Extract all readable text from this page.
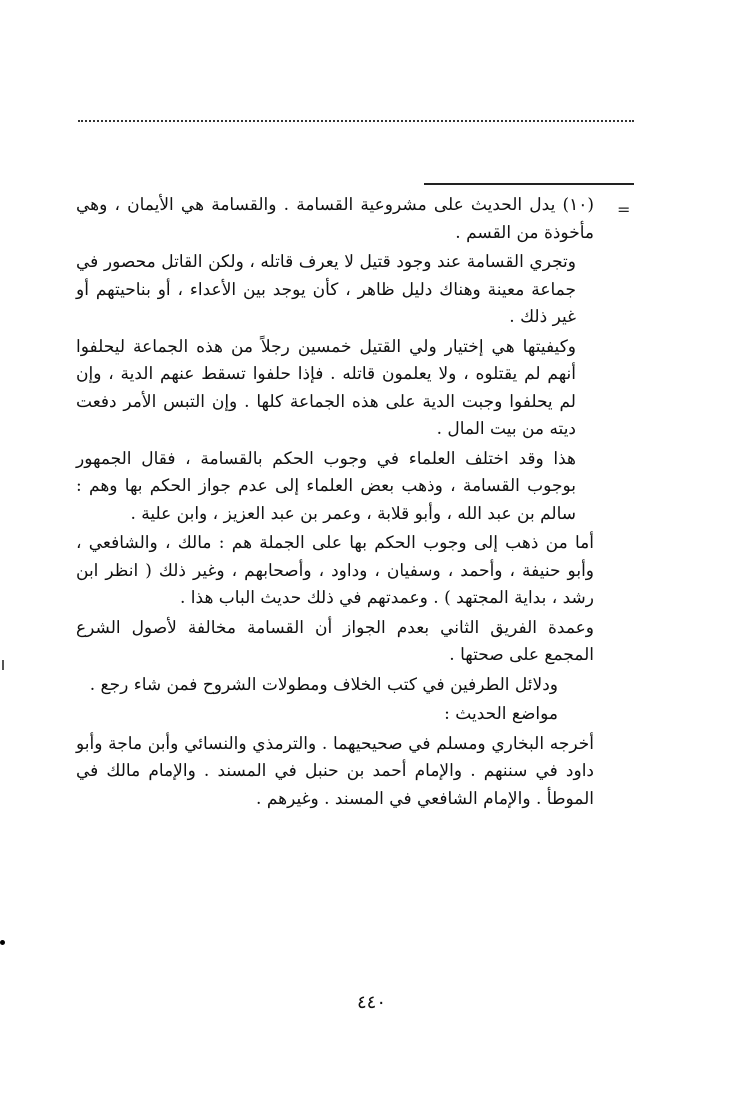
=

(١٠) يدل الحديث على مشروعية القسامة . والقسامة هي الأيمان ، وهي مأخوذة من القسم .

وتجري القسامة عند وجود قتيل لا يعرف قاتله ، ولكن القاتل محصور في جماعة معينة وهناك دليل ظاهر ، كأن يوجد بين الأعداء ، أو بناحيتهم أو غير ذلك .

وكيفيتها هي إختيار ولي القتيل خمسين رجلاً من هذه الجماعة ليحلفوا أنهم لم يقتلوه ، ولا يعلمون قاتله . فإذا حلفوا تسقط عنهم الدية ، وإن لم يحلفوا وجبت الدية على هذه الجماعة كلها . وإن التبس الأمر دفعت ديته من بيت المال .

هذا وقد اختلف العلماء في وجوب الحكم بالقسامة ، فقال الجمهور بوجوب القسامة ، وذهب بعض العلماء إلى عدم جواز الحكم بها وهم : سالم بن عبد الله ، وأبو قلابة ، وعمر بن عبد العزيز ، وابن علية .

أما من ذهب إلى وجوب الحكم بها على الجملة هم : مالك ، والشافعي ، وأبو حنيفة ، وأحمد ، وسفيان ، وداود ، وأصحابهم ، وغير ذلك ( انظر ابن رشد ، بداية المجتهد ) . وعمدتهم في ذلك حديث الباب هذا .

وعمدة الفريق الثاني بعدم الجواز أن القسامة مخالفة لأصول الشرع المجمع على صحتها .

ودلائل الطرفين في كتب الخلاف ومطولات الشروح فمن شاء رجع .

مواضع الحديث :

أخرجه البخاري ومسلم في صحيحيهما . والترمذي والنسائي وأبن ماجة وأبو داود في سننهم . والإمام أحمد بن حنبل في المسند . والإمام مالك في الموطأ . والإمام الشافعي في المسند . وغيرهم .

٤٤٠
